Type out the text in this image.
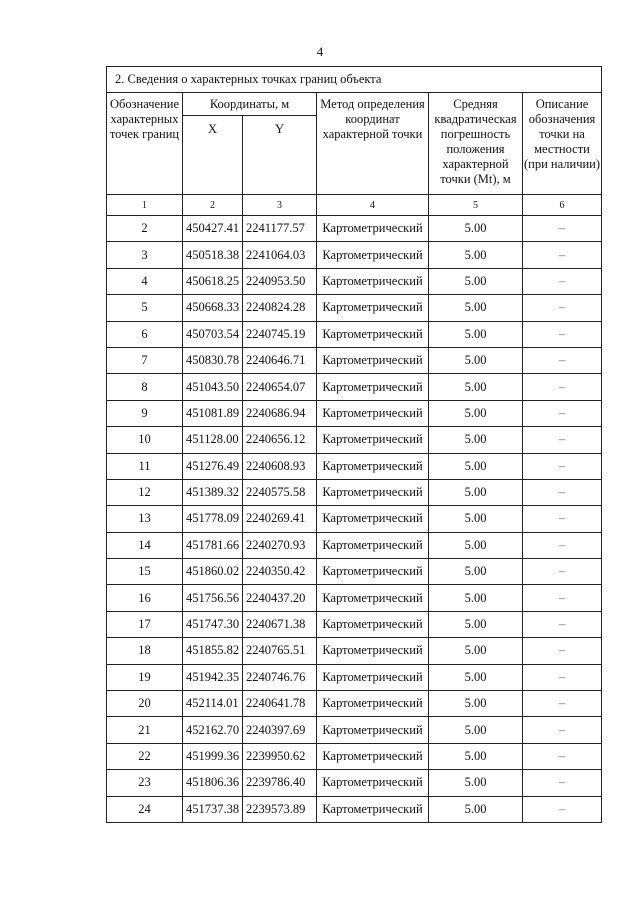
4
2. Сведения о характерных точках границ объекта					
Обозначение характерных точек границ	Координаты, м		Метод определения координат характерной точки	Средняя квадратическая погрешность положения характерной точки (Mt), м	Описание обозначения точки на местности (при наличии)
	X	Y			
1	2	3	4	5	6
2	450427.41	2241177.57	Картометрический	5.00	–
3	450518.38	2241064.03	Картометрический	5.00	–
4	450618.25	2240953.50	Картометрический	5.00	–
5	450668.33	2240824.28	Картометрический	5.00	–
6	450703.54	2240745.19	Картометрический	5.00	–
7	450830.78	2240646.71	Картометрический	5.00	–
8	451043.50	2240654.07	Картометрический	5.00	–
9	451081.89	2240686.94	Картометрический	5.00	–
10	451128.00	2240656.12	Картометрический	5.00	–
11	451276.49	2240608.93	Картометрический	5.00	–
12	451389.32	2240575.58	Картометрический	5.00	–
13	451778.09	2240269.41	Картометрический	5.00	–
14	451781.66	2240270.93	Картометрический	5.00	–
15	451860.02	2240350.42	Картометрический	5.00	–
16	451756.56	2240437.20	Картометрический	5.00	–
17	451747.30	2240671.38	Картометрический	5.00	–
18	451855.82	2240765.51	Картометрический	5.00	–
19	451942.35	2240746.76	Картометрический	5.00	–
20	452114.01	2240641.78	Картометрический	5.00	–
21	452162.70	2240397.69	Картометрический	5.00	–
22	451999.36	2239950.62	Картометрический	5.00	–
23	451806.36	2239786.40	Картометрический	5.00	–
24	451737.38	2239573.89	Картометрический	5.00	–
